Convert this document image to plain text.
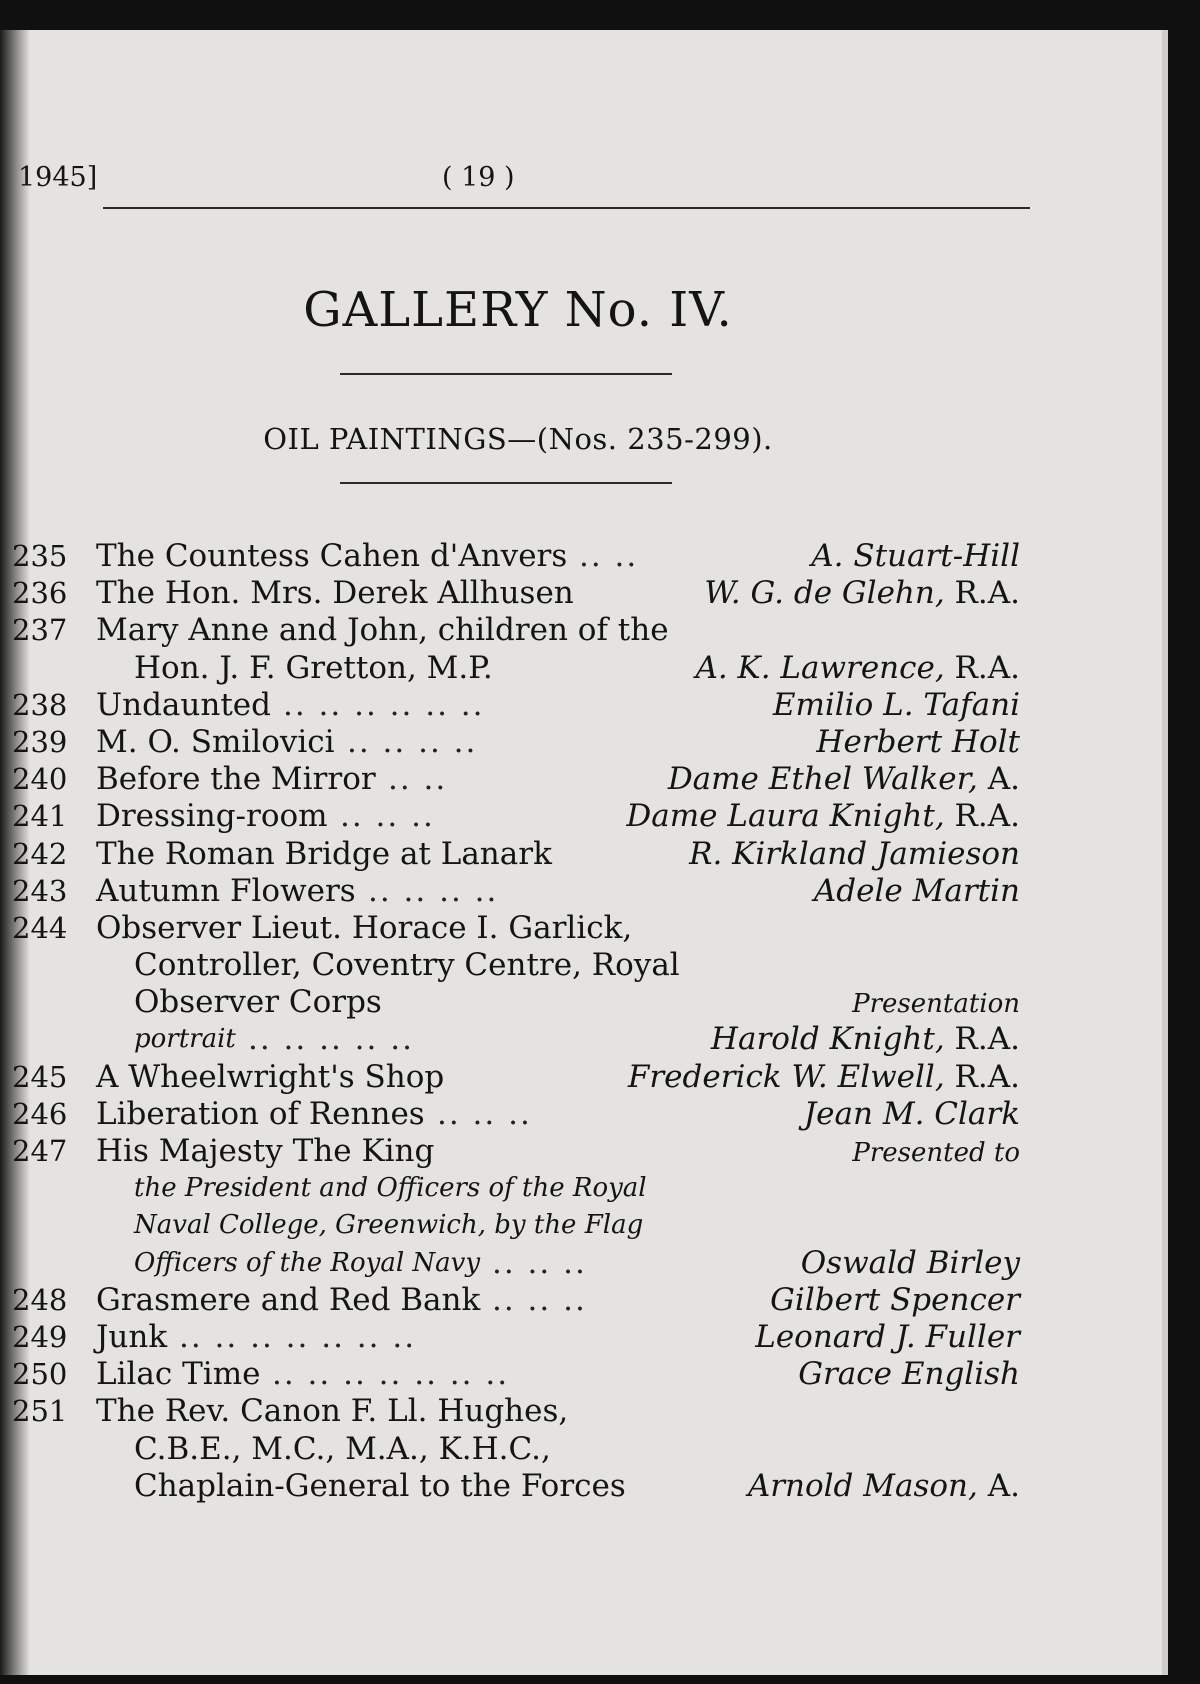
1945]	( 19 )
GALLERY No. IV.
OIL PAINTINGS—(Nos. 235-299).
235 The Countess Cahen d'Anvers .. ..	A. Stuart-Hill
236 The Hon. Mrs. Derek Allhusen	W. G. de Glehn, R.A.
237 Mary Anne and John, children of the
Hon. J. F. Gretton, M.P.	A. K. Lawrence, R.A.
238 Undaunted .. .. .. .. .. ..	Emilio L. Tafani
239 M. O. Smilovici .. .. .. ..	Herbert Holt
240 Before the Mirror .. ..	Dame Ethel Walker, A.
241 Dressing-room .. .. ..	Dame Laura Knight, R.A.
242 The Roman Bridge at Lanark	R. Kirkland Jamieson
243 Autumn Flowers .. .. .. ..	Adele Martin
244 Observer Lieut. Horace I. Garlick,
Controller, Coventry Centre, Royal
Observer Corps	Presentation
portrait .. .. .. .. ..	Harold Knight, R.A.
245 A Wheelwright's Shop	Frederick W. Elwell, R.A.
246 Liberation of Rennes .. .. ..	Jean M. Clark
247 His Majesty The King	Presented to
the President and Officers of the Royal
Naval College, Greenwich, by the Flag
Officers of the Royal Navy .. .. ..	Oswald Birley
248 Grasmere and Red Bank .. .. ..	Gilbert Spencer
249 Junk .. .. .. .. .. .. ..	Leonard J. Fuller
250 Lilac Time .. .. .. .. .. .. ..	Grace English
251 The Rev. Canon F. Ll. Hughes,
C.B.E., M.C., M.A., K.H.C.,
Chaplain-General to the Forces	Arnold Mason, A.
